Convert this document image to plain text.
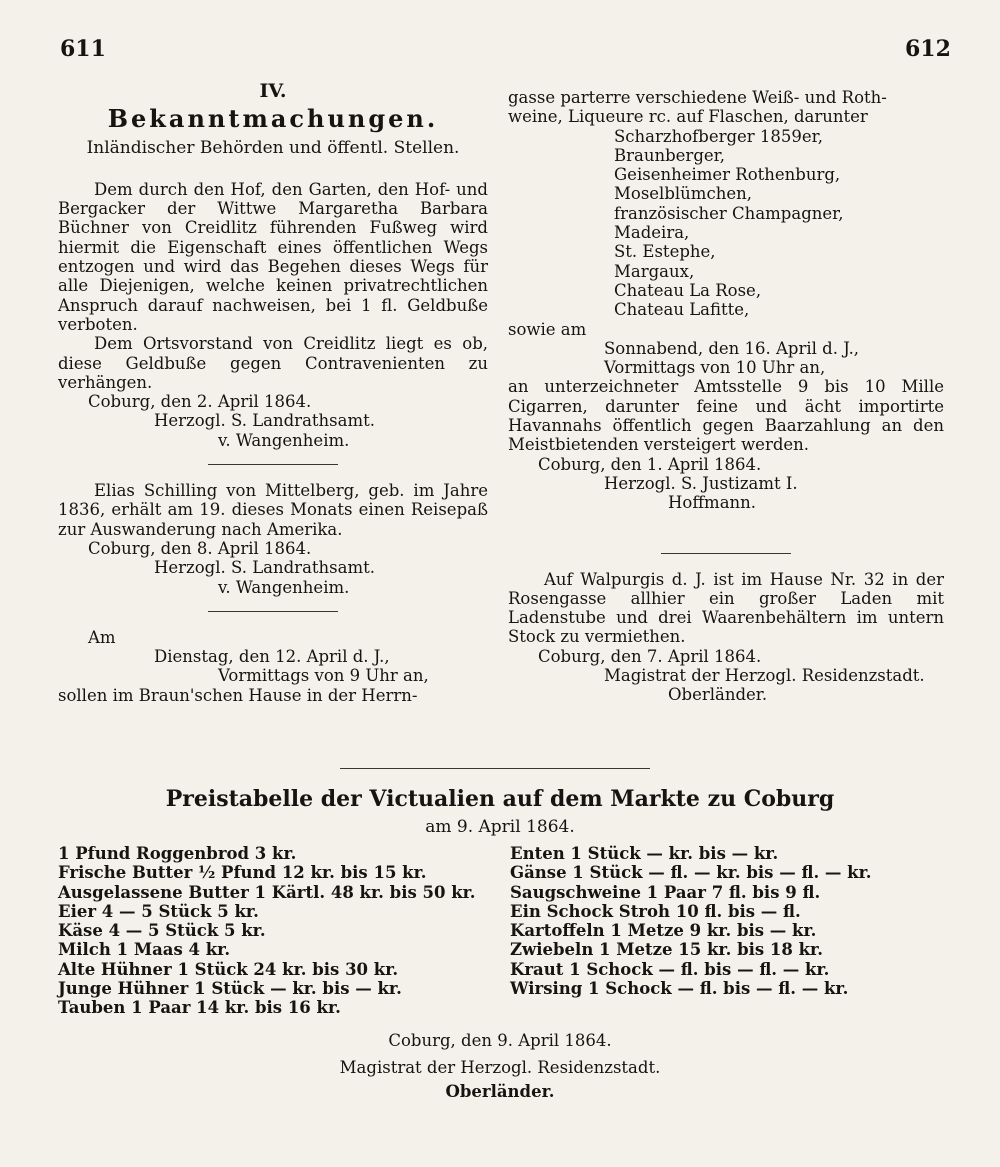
611	612
IV.
Bekanntmachungen.
Inländischer Behörden und öffentl. Stellen.

Dem durch den Hof, den Garten, den Hof- und Bergacker der Wittwe Margaretha Barbara Büchner von Creidlitz führenden Fußweg wird hiermit die Eigenschaft eines öffentlichen Wegs entzogen und wird das Begehen dieses Wegs für alle Diejenigen, welche keinen privatrechtlichen Anspruch darauf nachweisen, bei 1 fl. Geldbuße verboten.

Dem Ortsvorstand von Creidlitz liegt es ob, diese Geldbuße gegen Contravenienten zu verhängen.

Coburg, den 2. April 1864.
Herzogl. S. Landrathsamt.
v. Wangenheim.

Elias Schilling von Mittelberg, geb. im Jahre 1836, erhält am 19. dieses Monats einen Reisepaß zur Auswanderung nach Amerika.

Coburg, den 8. April 1864.
Herzogl. S. Landrathsamt.
v. Wangenheim.
Am
Dienstag, den 12. April d. J.,
Vormittags von 9 Uhr an,
sollen im Braun'schen Hause in der Herrn-
gasse parterre verschiedene Weiß- und Roth-
weine, Liqueure rc. auf Flaschen, darunter
Scharzhofberger 1859er,
Braunberger,
Geisenheimer Rothenburg,
Moselblümchen,
französischer Champagner,
Madeira,
St. Estephe,
Margaux,
Chateau La Rose,
Chateau Lafitte,
sowie am
Sonnabend, den 16. April d. J.,
Vormittags von 10 Uhr an,

an unterzeichneter Amtsstelle 9 bis 10 Mille Cigarren, darunter feine und ächt importirte Havannahs öffentlich gegen Baarzahlung an den Meistbietenden versteigert werden.

Coburg, den 1. April 1864.
Herzogl. S. Justizamt I.
Hoffmann.

Auf Walpurgis d. J. ist im Hause Nr. 32 in der Rosengasse allhier ein großer Laden mit Ladenstube und drei Waarenbehältern im untern Stock zu vermiethen.

Coburg, den 7. April 1864.
Magistrat der Herzogl. Residenzstadt.
Oberländer.
Preistabelle der Victualien auf dem Markte zu Coburg
am 9. April 1864.
1 Pfund Roggenbrod 3 kr.
Frische Butter ½ Pfund 12 kr. bis 15 kr.
Ausgelassene Butter 1 Kärtl. 48 kr. bis 50 kr.
Eier 4 — 5 Stück 5 kr.
Käse 4 — 5 Stück 5 kr.
Milch 1 Maas 4 kr.
Alte Hühner 1 Stück 24 kr. bis 30 kr.
Junge Hühner 1 Stück — kr. bis — kr.
Tauben 1 Paar 14 kr. bis 16 kr.
Enten 1 Stück — kr. bis — kr.
Gänse 1 Stück — fl. — kr. bis — fl. — kr.
Saugschweine 1 Paar 7 fl. bis 9 fl.
Ein Schock Stroh 10 fl. bis — fl.
Kartoffeln 1 Metze 9 kr. bis — kr.
Zwiebeln 1 Metze 15 kr. bis 18 kr.
Kraut 1 Schock — fl. bis — fl. — kr.
Wirsing 1 Schock — fl. bis — fl. — kr.
Coburg, den 9. April 1864.
Magistrat der Herzogl. Residenzstadt.
Oberländer.
